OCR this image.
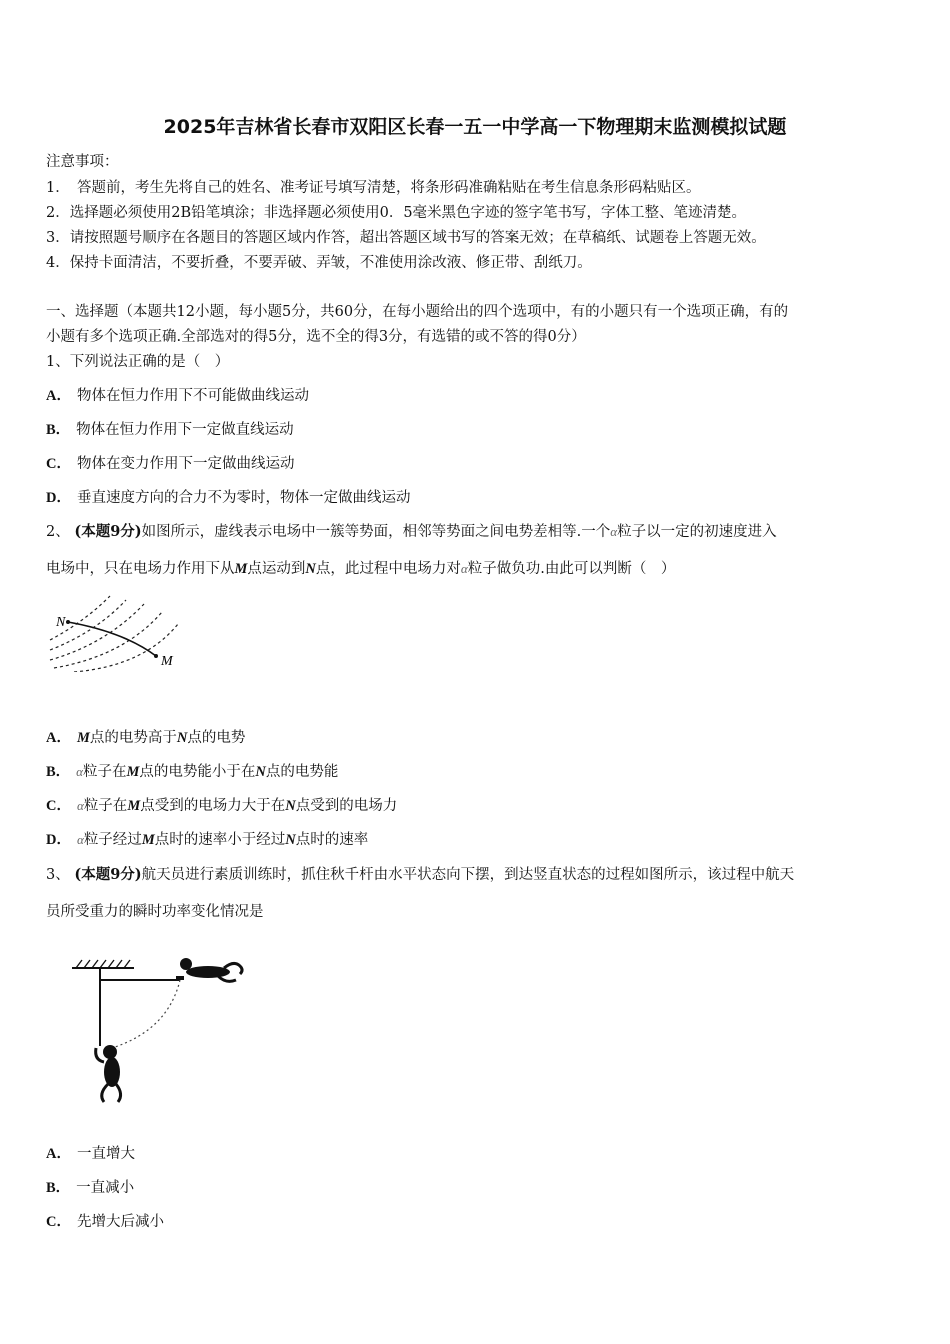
2025年吉林省长春市双阳区长春一五一中学高一下物理期末监测模拟试题
注意事项：
1．　答题前，考生先将自己的姓名、准考证号填写清楚，将条形码准确粘贴在考生信息条形码粘贴区。
2．选择题必须使用2B铅笔填涂；非选择题必须使用0．5毫米黑色字迹的签字笔书写，字体工整、笔迹清楚。
3．请按照题号顺序在各题目的答题区域内作答，超出答题区域书写的答案无效；在草稿纸、试题卷上答题无效。
4．保持卡面清洁，不要折叠，不要弄破、弄皱，不准使用涂改液、修正带、刮纸刀。
一、选择题（本题共12小题，每小题5分，共60分，在每小题给出的四个选项中，有的小题只有一个选项正确，有的
小题有多个选项正确.全部选对的得5分，选不全的得3分，有选错的或不答的得0分）
1、下列说法正确的是（　）
A． 物体在恒力作用下不可能做曲线运动
B． 物体在恒力作用下一定做直线运动
C． 物体在变力作用下一定做曲线运动
D． 垂直速度方向的合力不为零时，物体一定做曲线运动
2、 (本题9分)如图所示，虚线表示电场中一簇等势面，相邻等势面之间电势差相等.一个α粒子以一定的初速度进入
电场中，只在电场力作用下从M点运动到N点，此过程中电场力对α粒子做负功.由此可以判断（　）
N
M
A． M点的电势高于N点的电势
B． α粒子在M点的电势能小于在N点的电势能
C． α粒子在M点受到的电场力大于在N点受到的电场力
D． α粒子经过M点时的速率小于经过N点时的速率
3、 (本题9分)航天员进行素质训练时，抓住秋千杆由水平状态向下摆，到达竖直状态的过程如图所示，该过程中航天
员所受重力的瞬时功率变化情况是
A． 一直增大
B． 一直减小
C． 先增大后减小
